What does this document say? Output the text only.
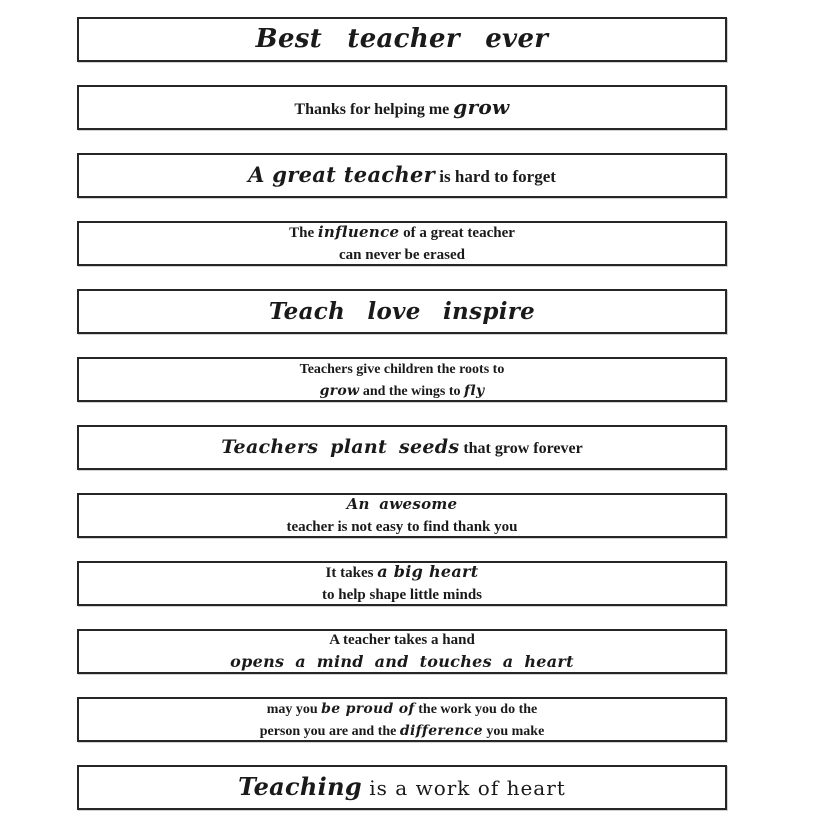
Best teacher ever
Thanks for helping me grow
A great teacher is hard to forget
The influence of a great teacher
can never be erased
Teach love inspire
Teachers give children the roots to
grow and the wings to fly
Teachers plant seeds that grow forever
An awesome
teacher is not easy to find thank you
It takes a big heart
to help shape little minds
A teacher takes a hand
opens a mind and touches a heart
may you be proud of the work you do the
person you are and the difference you make
Teaching is a work of heart
